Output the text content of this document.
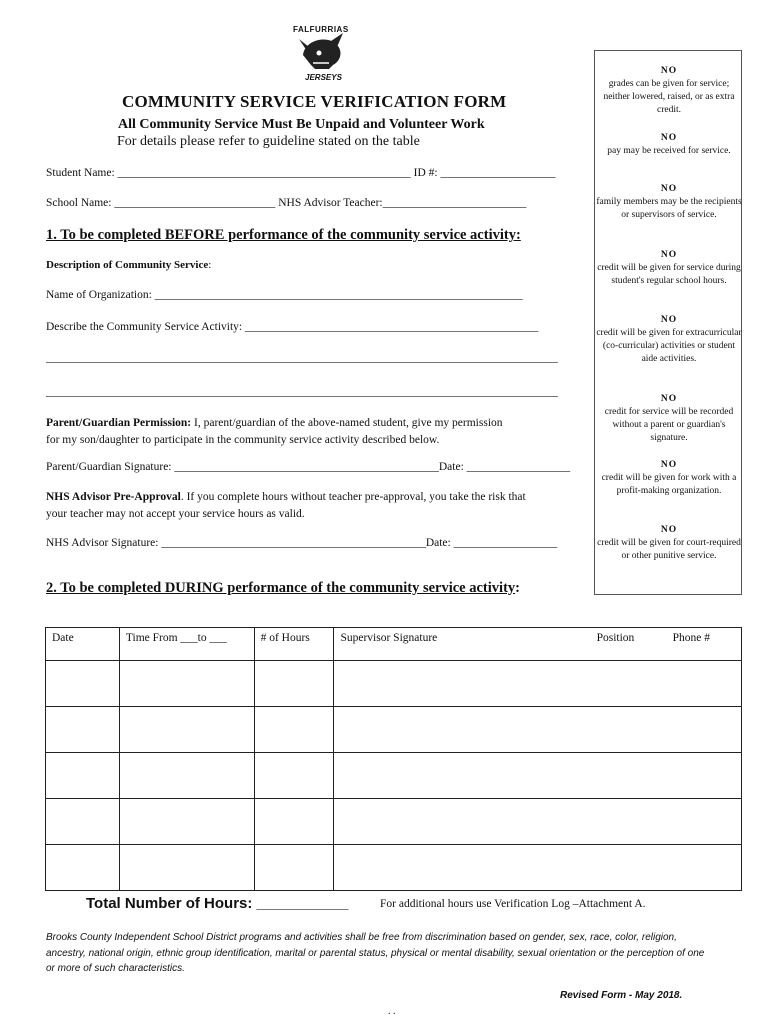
FALFURRIAS
JERSEYS
COMMUNITY SERVICE VERIFICATION FORM
All Community Service Must Be Unpaid and Volunteer Work
For details please refer to guideline stated on the table
Student Name: ___________________________________________________ ID #: ____________________
School Name: ____________________________ NHS Advisor Teacher:_________________________
1. To be completed BEFORE performance of the community service activity:
Description of Community Service:
Name of Organization: ________________________________________________________________
Describe the Community Service Activity: ___________________________________________________
_________________________________________________________________________________________
_________________________________________________________________________________________
Parent/Guardian Permission: I, parent/guardian of the above-named student, give my permission
for my son/daughter to participate in the community service activity described below.
Parent/Guardian Signature: ______________________________________________Date: __________________
NHS Advisor Pre-Approval. If you complete hours without teacher pre-approval, you take the risk that
your teacher may not accept your service hours as valid.
NHS Advisor Signature: ______________________________________________Date: __________________
2. To be completed DURING performance of the community service activity:
NO
grades can be given for service; neither lowered, raised, or as extra credit.
NO
pay may be received for service.
NO
family members may be the recipients or supervisors of service.
NO
credit will be given for service during student's regular school hours.
NO
credit will be given for extracurricular (co-curricular) activities or student aide activities.
NO
credit for service will be recorded without a parent or guardian's signature.
NO
credit will be given for work with a profit-making organization.
NO
credit will be given for court-required or other punitive service.
Date	Time From ___to ___	# of Hours	Supervisor Signature	Position	Phone #

Total Number of Hours: ___________	For additional hours use Verification Log –Attachment A.
Brooks County Independent School District programs and activities shall be free from discrimination based on gender, sex, race, color, religion, ancestry, national origin, ethnic group identification, marital or parental status, physical or mental disability, sexual orientation or the perception of one or more of such characteristics.
Revised Form - May 2018.
. .
